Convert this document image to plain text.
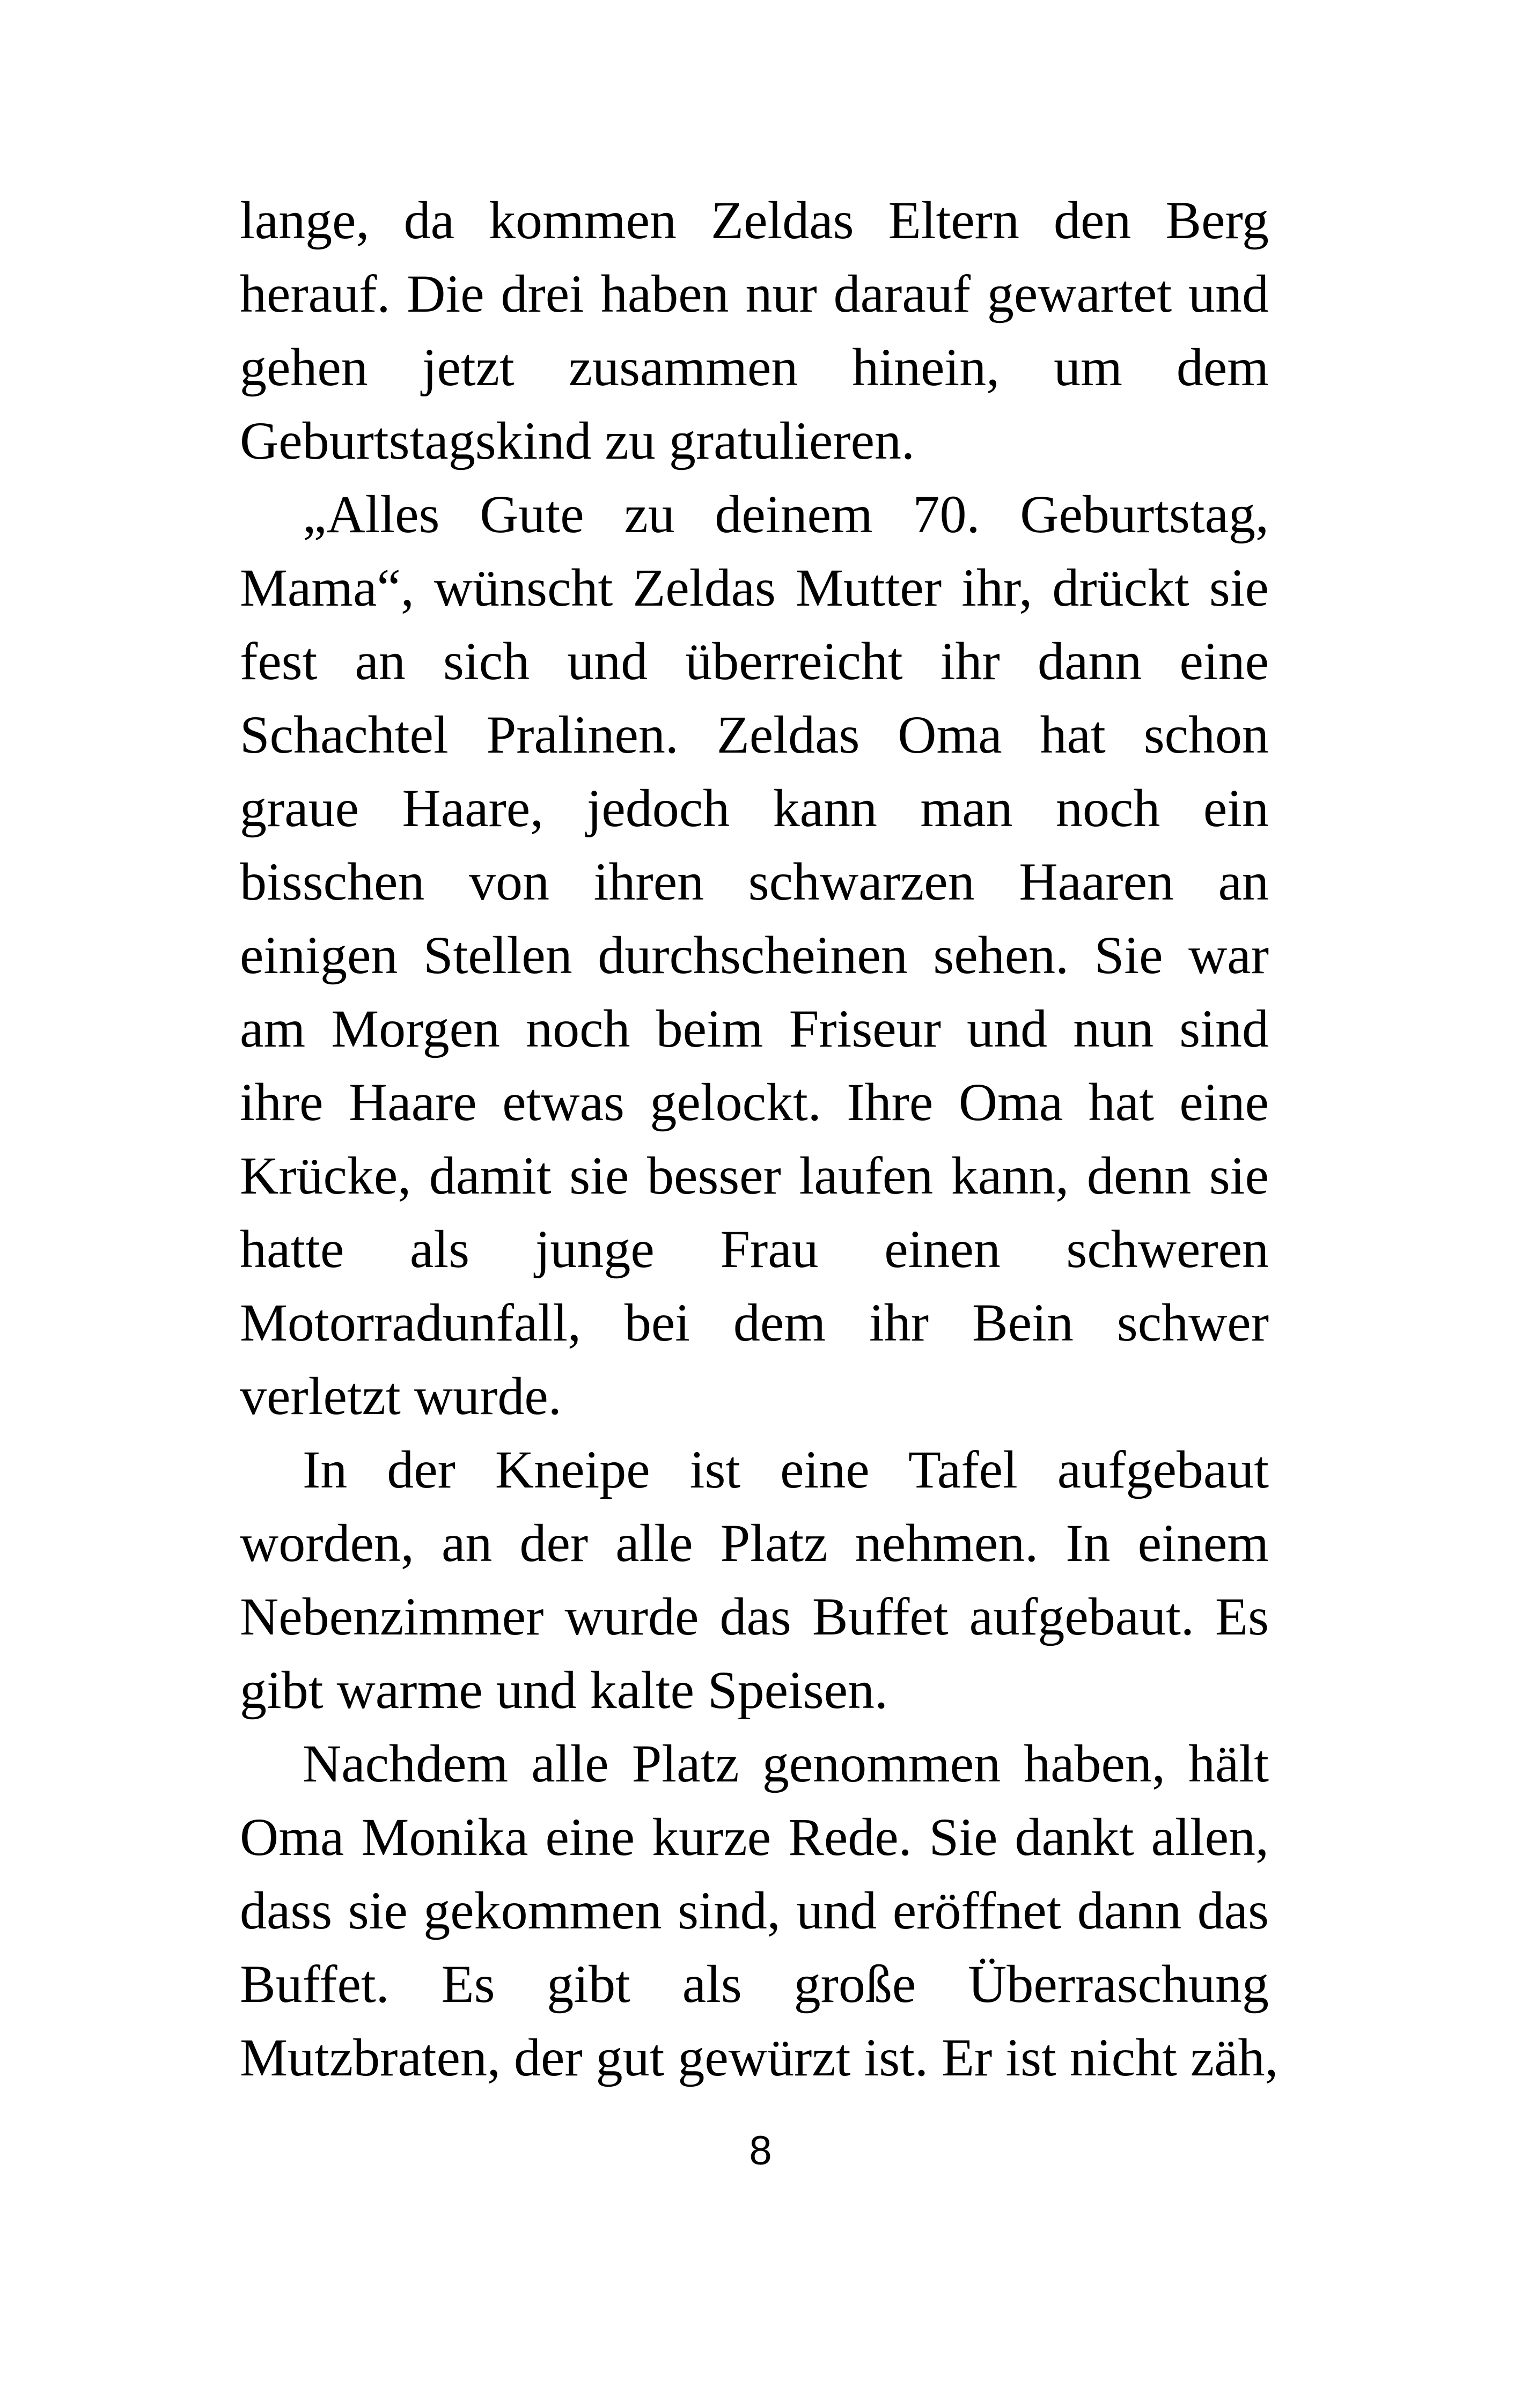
lange, da kommen Zeldas Eltern den Berg
herauf. Die drei haben nur darauf gewartet und
gehen jetzt zusammen hinein, um dem
Geburtstagskind zu gratulieren.
„Alles Gute zu deinem 70. Geburtstag,
Mama“, wünscht Zeldas Mutter ihr, drückt sie
fest an sich und überreicht ihr dann eine
Schachtel Pralinen. Zeldas Oma hat schon
graue Haare, jedoch kann man noch ein
bisschen von ihren schwarzen Haaren an
einigen Stellen durchscheinen sehen. Sie war
am Morgen noch beim Friseur und nun sind
ihre Haare etwas gelockt. Ihre Oma hat eine
Krücke, damit sie besser laufen kann, denn sie
hatte als junge Frau einen schweren
Motorradunfall, bei dem ihr Bein schwer
verletzt wurde.
In der Kneipe ist eine Tafel aufgebaut
worden, an der alle Platz nehmen. In einem
Nebenzimmer wurde das Buffet aufgebaut. Es
gibt warme und kalte Speisen.
Nachdem alle Platz genommen haben, hält
Oma Monika eine kurze Rede. Sie dankt allen,
dass sie gekommen sind, und eröffnet dann das
Buffet. Es gibt als große Überraschung
Mutzbraten, der gut gewürzt ist. Er ist nicht zäh,
8
